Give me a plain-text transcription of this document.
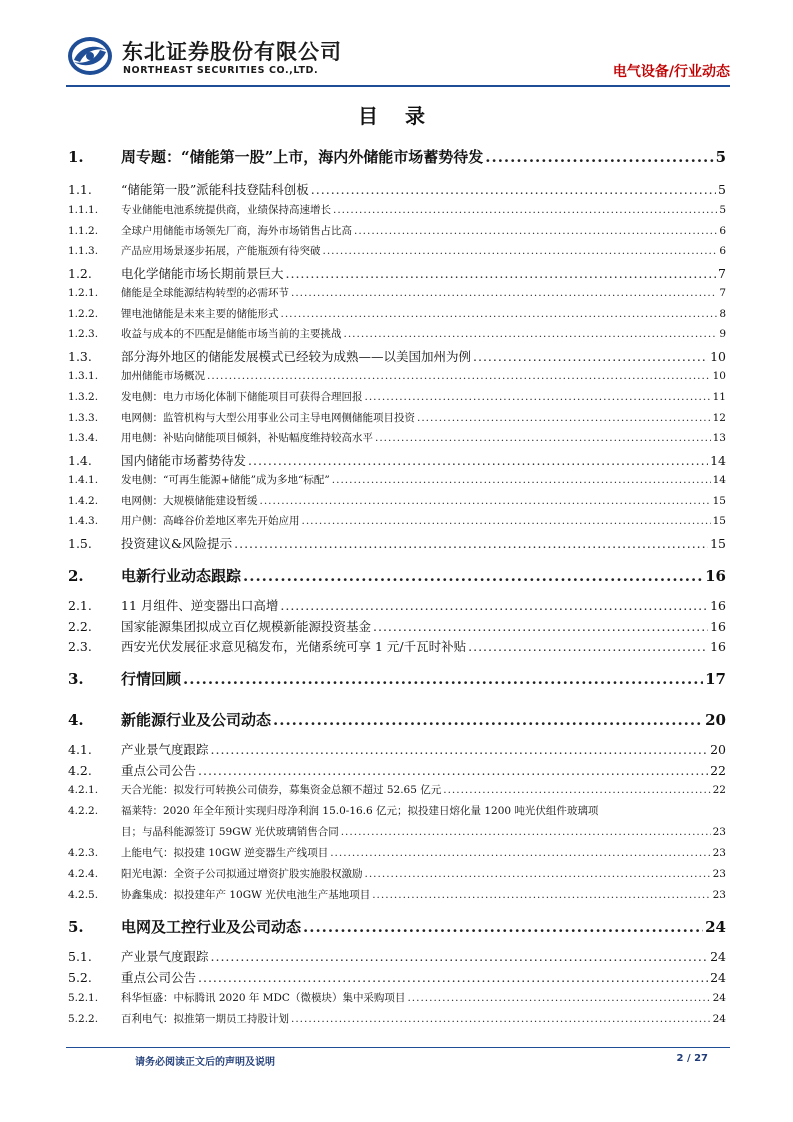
东北证券股份有限公司
NORTHEAST SECURITIES CO.,LTD.	电气设备/行业动态
目 录
1.	周专题：“储能第一股”上市，海内外储能市场蓄势待发 .....	5
1.1.	“储能第一股”派能科技登陆科创板 .....	5
1.1.1.	专业储能电池系统提供商，业绩保持高速增长 .....	5
1.1.2.	全球户用储能市场领先厂商，海外市场销售占比高 .....	6
1.1.3.	产品应用场景逐步拓展，产能瓶颈有待突破 .....	6
1.2.	电化学储能市场长期前景巨大 .....	7
1.2.1.	储能是全球能源结构转型的必需环节 .....	7
1.2.2.	锂电池储能是未来主要的储能形式 .....	8
1.2.3.	收益与成本的不匹配是储能市场当前的主要挑战 .....	9
1.3.	部分海外地区的储能发展模式已经较为成熟——以美国加州为例 .....	10
1.3.1.	加州储能市场概况 .....	10
1.3.2.	发电侧：电力市场化体制下储能项目可获得合理回报 .....	11
1.3.3.	电网侧：监管机构与大型公用事业公司主导电网侧储能项目投资 .....	12
1.3.4.	用电侧：补贴向储能项目倾斜，补贴幅度维持较高水平 .....	13
1.4.	国内储能市场蓄势待发 .....	14
1.4.1.	发电侧：“可再生能源+储能”成为多地“标配” .....	14
1.4.2.	电网侧：大规模储能建设暂缓 .....	15
1.4.3.	用户侧：高峰谷价差地区率先开始应用 .....	15
1.5.	投资建议&风险提示 .....	15
2.	电新行业动态跟踪 .....	16
2.1.	11 月组件、逆变器出口高增 .....	16
2.2.	国家能源集团拟成立百亿规模新能源投资基金 .....	16
2.3.	西安光伏发展征求意见稿发布，光储系统可享 1 元/千瓦时补贴 .....	16
3.	行情回顾 .....	17
4.	新能源行业及公司动态 .....	20
4.1.	产业景气度跟踪 .....	20
4.2.	重点公司公告 .....	22
4.2.1.	天合光能：拟发行可转换公司债券，募集资金总额不超过 52.65 亿元 .....	22
4.2.2.	福莱特：2020 年全年预计实现归母净利润 15.0-16.6 亿元；拟投建日熔化量 1200 吨光伏组件玻璃项
目；与晶科能源签订 59GW 光伏玻璃销售合同 .....	23
4.2.3.	上能电气：拟投建 10GW 逆变器生产线项目 .....	23
4.2.4.	阳光电源：全资子公司拟通过增资扩股实施股权激励 .....	23
4.2.5.	协鑫集成：拟投建年产 10GW 光伏电池生产基地项目 .....	23
5.	电网及工控行业及公司动态 .....	24
5.1.	产业景气度跟踪 .....	24
5.2.	重点公司公告 .....	24
5.2.1.	科华恒盛：中标腾讯 2020 年 MDC（微模块）集中采购项目 .....	24
5.2.2.	百利电气：拟推第一期员工持股计划 .....	24
请务必阅读正文后的声明及说明	2 / 27
